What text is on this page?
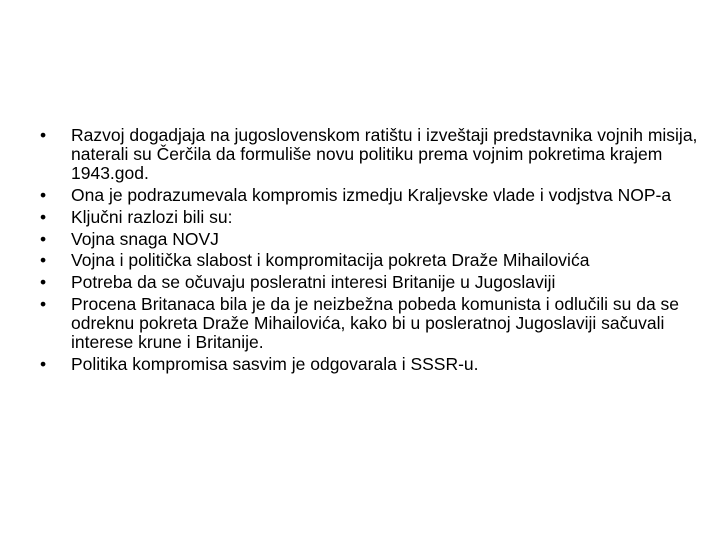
•	Razvoj dogadjaja na jugoslovenskom ratištu i izveštaji predstavnika vojnih misija, naterali su Čerčila da formuliše novu politiku prema vojnim pokretima krajem 1943.god.
•	Ona je podrazumevala kompromis izmedju Kraljevske vlade i vodjstva NOP-a
•	Ključni razlozi bili su:
•	Vojna snaga NOVJ
•	Vojna i politička slabost i kompromitacija pokreta Draže Mihailovića
•	Potreba da se očuvaju posleratni interesi Britanije u Jugoslaviji
•	Procena Britanaca bila je da je neizbežna pobeda komunista i odlučili su da se odreknu pokreta Draže Mihailovića, kako bi u posleratnoj Jugoslaviji sačuvali interese krune i Britanije.
•	Politika kompromisa sasvim je odgovarala i SSSR-u.
